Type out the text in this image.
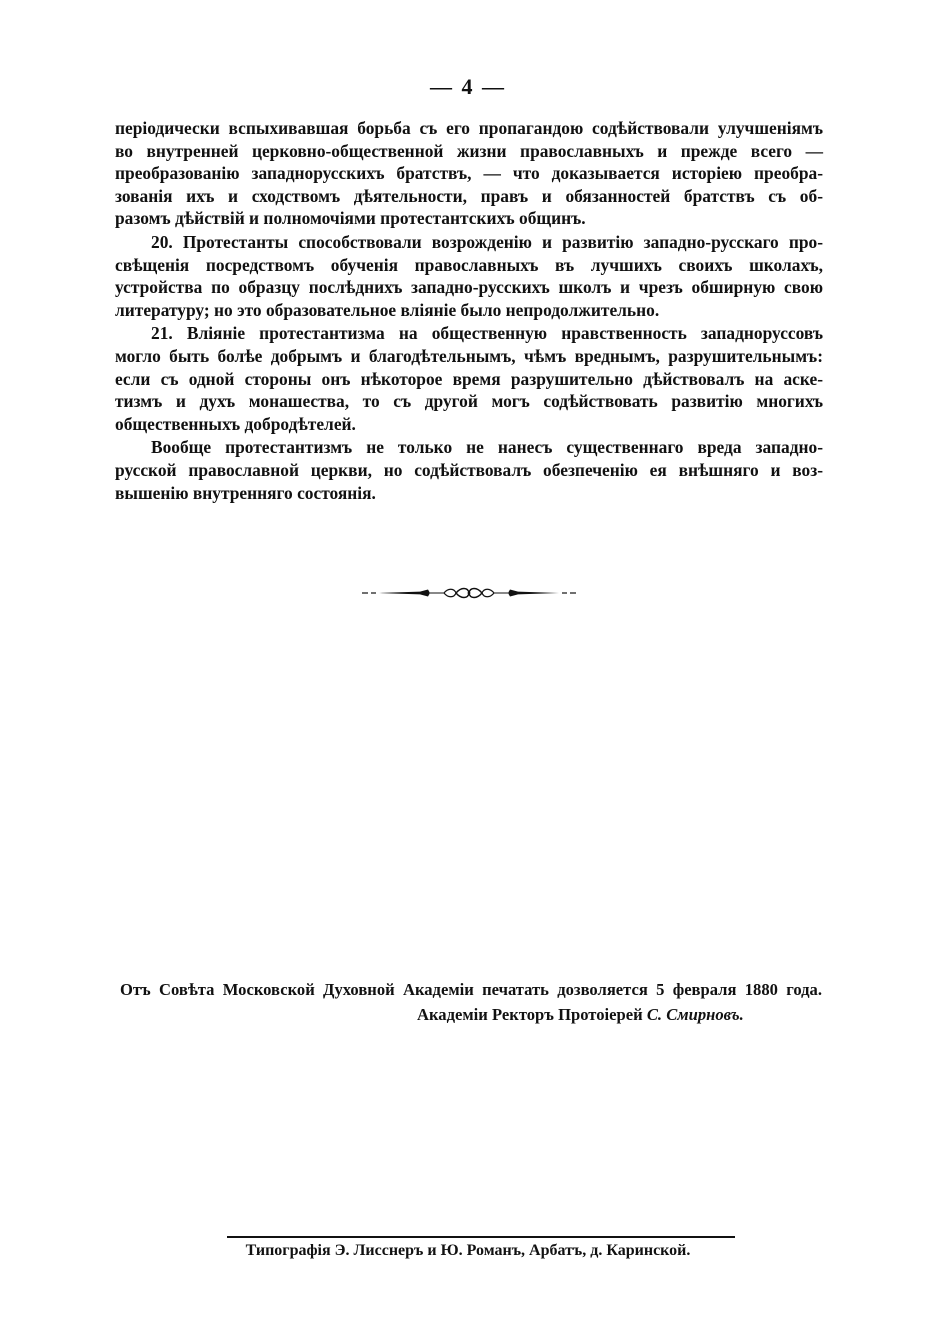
— 4 —

періодически вспыхивавшая борьба съ его пропагандою содѣйствовали улучшеніямъ
во внутренней церковно-общественной жизни православныхъ и прежде всего —
преобразованію западнорусскихъ братствъ, — что доказывается исторіею преобра-
зованія ихъ и сходствомъ дѣятельности, правъ и обязанностей братствъ съ об-
разомъ дѣйствій и полномочіями протестантскихъ общинъ.

20. Протестанты способствовали возрожденію и развитію западно-русскаго про-
свѣщенія посредствомъ обученія православныхъ въ лучшихъ своихъ школахъ,
устройства по образцу послѣднихъ западно-русскихъ школъ и чрезъ обширную свою
литературу; но это образовательное вліяніе было непродолжительно.

21. Вліяніе протестантизма на общественную нравственность западноруссовъ
могло быть болѣе добрымъ и благодѣтельнымъ, чѣмъ вреднымъ, разрушительнымъ:
если съ одной стороны онъ нѣкоторое время разрушительно дѣйствовалъ на аске-
тизмъ и духъ монашества, то съ другой могъ содѣйствовать развитію многихъ
общественныхъ добродѣтелей.

Вообще протестантизмъ не только не нанесъ существеннаго вреда западно-
русской православной церкви, но содѣйствовалъ обезпеченію ея внѣшняго и воз-
вышенію внутренняго состоянія.

Отъ Совѣта Московской Духовной Академіи печатать дозволяется 5 февраля 1880 года.
Академіи Ректоръ Протоіерей С. Смирновъ.
Типографія Э. Лисснеръ и Ю. Романъ, Арбатъ, д. Каринской.
